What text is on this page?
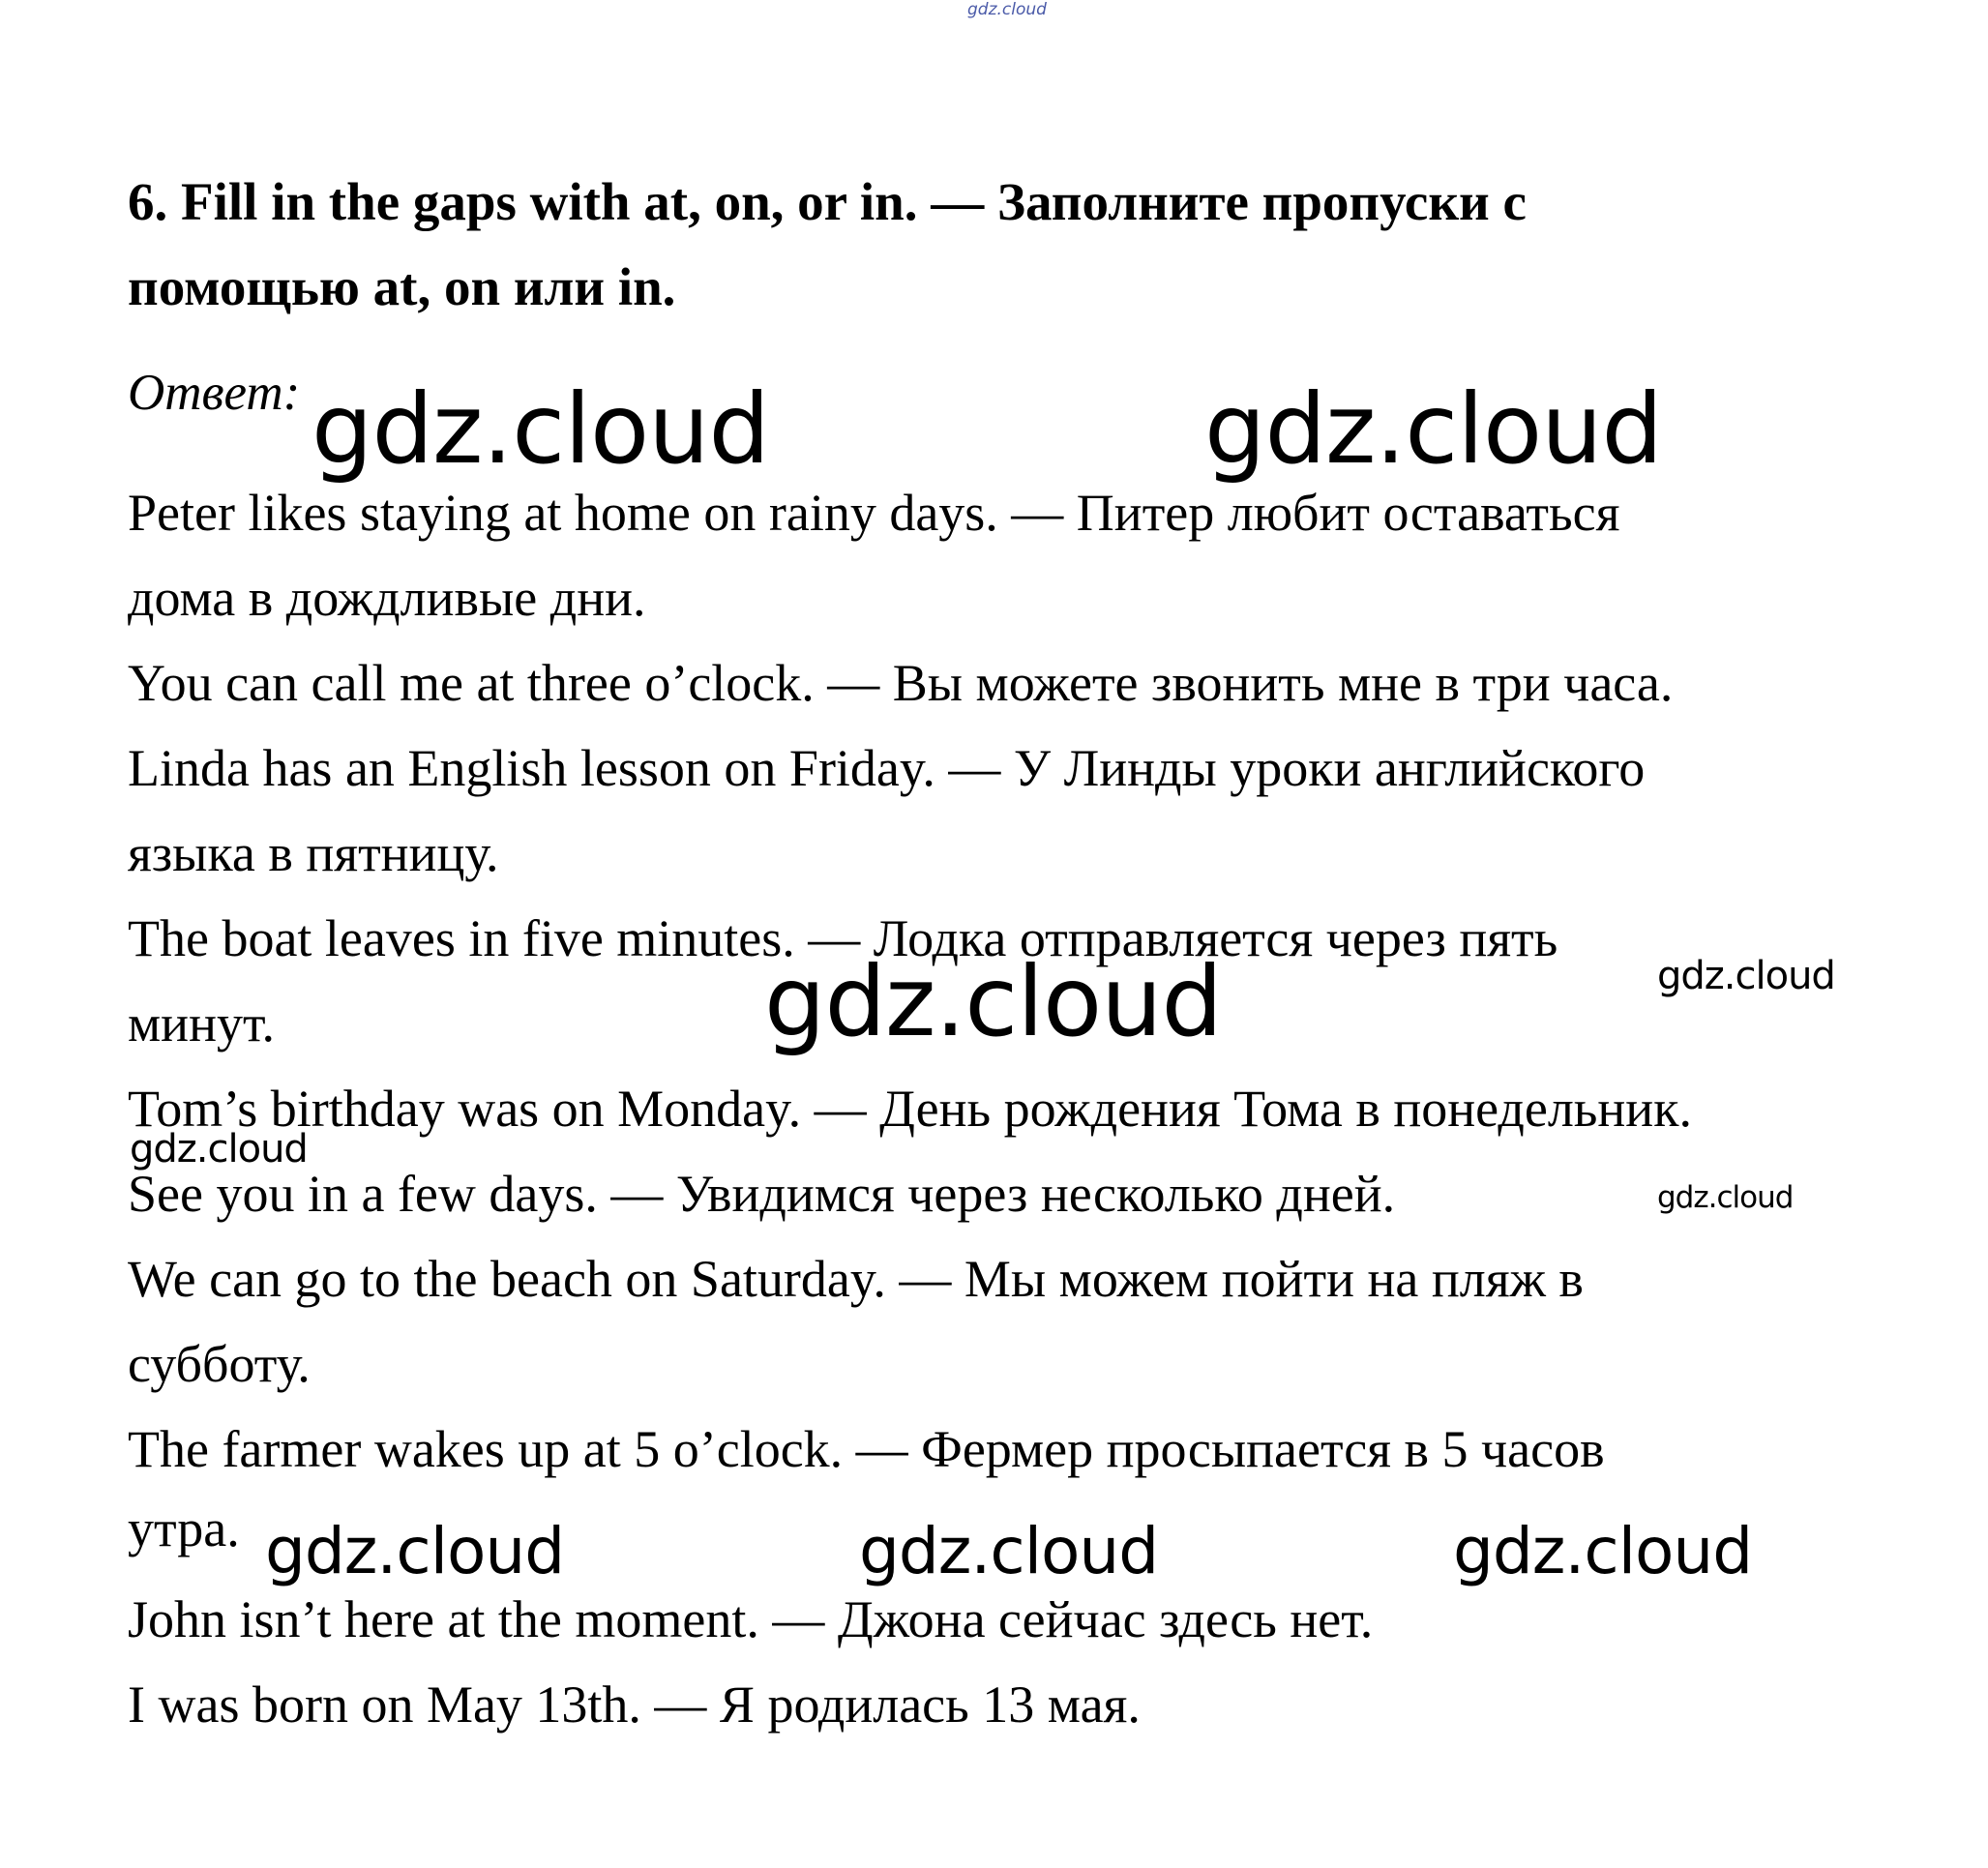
gdz.cloud
6. Fill in the gaps with at, on, or in. — Заполните пропуски с помощью at, on или in.
Ответ:
Peter likes staying at home on rainy days. — Питер любит оставаться
дома в дождливые дни.
You can call me at three o’clock. — Вы можете звонить мне в три часа.
Linda has an English lesson on Friday. — У Линды уроки английского
языка в пятницу.
The boat leaves in five minutes. — Лодка отправляется через пять
минут.
Tom’s birthday was on Monday. — День рождения Тома в понедельник.
See you in a few days. — Увидимся через несколько дней.
We can go to the beach on Saturday. — Мы можем пойти на пляж в
субботу.
The farmer wakes up at 5 o’clock. — Фермер просыпается в 5 часов
утра.
John isn’t here at the moment. — Джона сейчас здесь нет.
I was born on May 13th. — Я родилась 13 мая.
gdz.cloud	gdz.cloud
gdz.cloud	gdz.cloud
gdz.cloud
gdz.cloud
gdz.cloud	gdz.cloud	gdz.cloud
